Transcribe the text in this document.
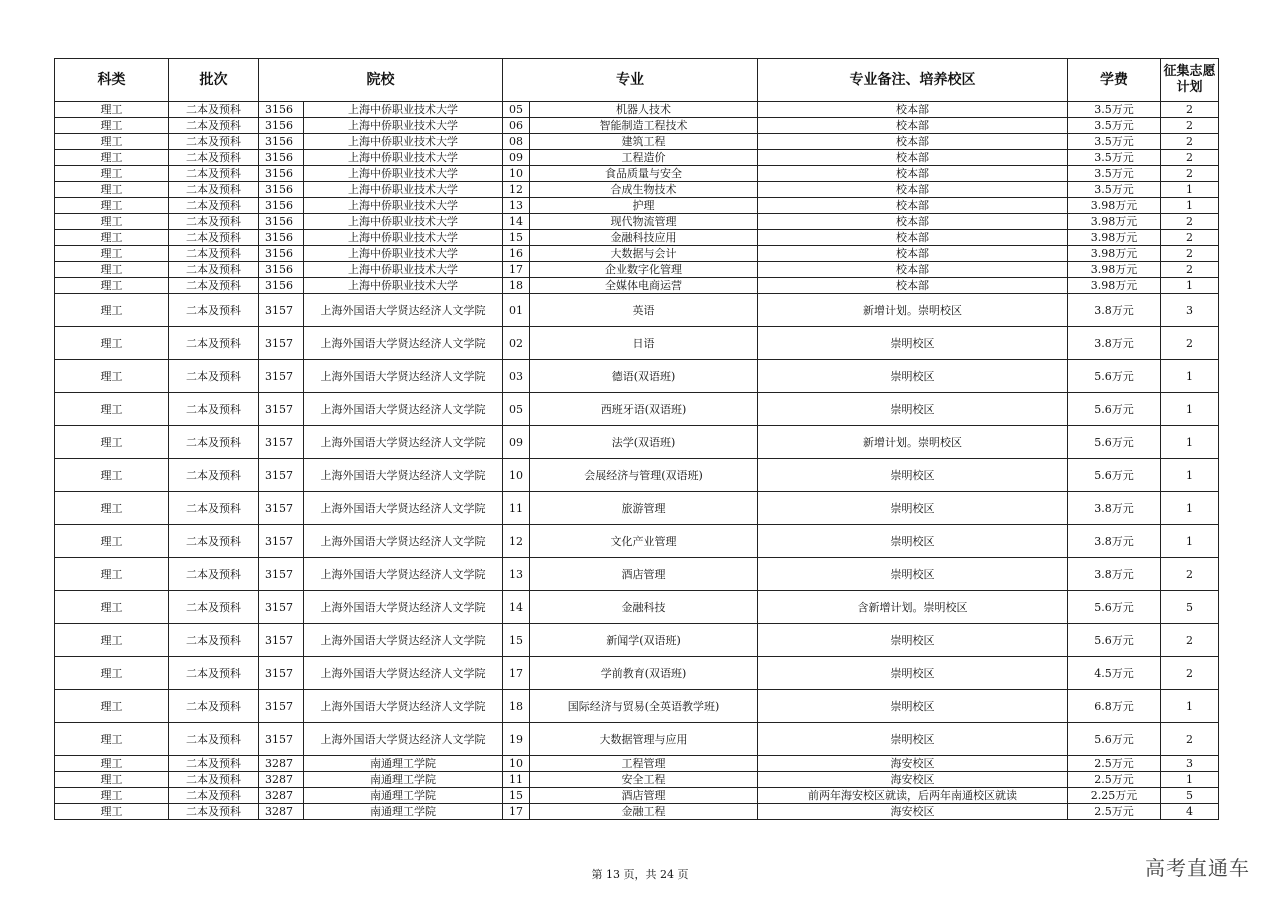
科类	批次	院校		专业		专业备注、培养校区	学费	征集志愿计划
理工	二本及预科	3156	上海中侨职业技术大学	05	机器人技术	校本部	3.5万元	2
理工	二本及预科	3156	上海中侨职业技术大学	06	智能制造工程技术	校本部	3.5万元	2
理工	二本及预科	3156	上海中侨职业技术大学	08	建筑工程	校本部	3.5万元	2
理工	二本及预科	3156	上海中侨职业技术大学	09	工程造价	校本部	3.5万元	2
理工	二本及预科	3156	上海中侨职业技术大学	10	食品质量与安全	校本部	3.5万元	2
理工	二本及预科	3156	上海中侨职业技术大学	12	合成生物技术	校本部	3.5万元	1
理工	二本及预科	3156	上海中侨职业技术大学	13	护理	校本部	3.98万元	1
理工	二本及预科	3156	上海中侨职业技术大学	14	现代物流管理	校本部	3.98万元	2
理工	二本及预科	3156	上海中侨职业技术大学	15	金融科技应用	校本部	3.98万元	2
理工	二本及预科	3156	上海中侨职业技术大学	16	大数据与会计	校本部	3.98万元	2
理工	二本及预科	3156	上海中侨职业技术大学	17	企业数字化管理	校本部	3.98万元	2
理工	二本及预科	3156	上海中侨职业技术大学	18	全媒体电商运营	校本部	3.98万元	1
理工	二本及预科	3157	上海外国语大学贤达经济人文学院	01	英语	新增计划。崇明校区	3.8万元	3
理工	二本及预科	3157	上海外国语大学贤达经济人文学院	02	日语	崇明校区	3.8万元	2
理工	二本及预科	3157	上海外国语大学贤达经济人文学院	03	德语(双语班)	崇明校区	5.6万元	1
理工	二本及预科	3157	上海外国语大学贤达经济人文学院	05	西班牙语(双语班)	崇明校区	5.6万元	1
理工	二本及预科	3157	上海外国语大学贤达经济人文学院	09	法学(双语班)	新增计划。崇明校区	5.6万元	1
理工	二本及预科	3157	上海外国语大学贤达经济人文学院	10	会展经济与管理(双语班)	崇明校区	5.6万元	1
理工	二本及预科	3157	上海外国语大学贤达经济人文学院	11	旅游管理	崇明校区	3.8万元	1
理工	二本及预科	3157	上海外国语大学贤达经济人文学院	12	文化产业管理	崇明校区	3.8万元	1
理工	二本及预科	3157	上海外国语大学贤达经济人文学院	13	酒店管理	崇明校区	3.8万元	2
理工	二本及预科	3157	上海外国语大学贤达经济人文学院	14	金融科技	含新增计划。崇明校区	5.6万元	5
理工	二本及预科	3157	上海外国语大学贤达经济人文学院	15	新闻学(双语班)	崇明校区	5.6万元	2
理工	二本及预科	3157	上海外国语大学贤达经济人文学院	17	学前教育(双语班)	崇明校区	4.5万元	2
理工	二本及预科	3157	上海外国语大学贤达经济人文学院	18	国际经济与贸易(全英语教学班)	崇明校区	6.8万元	1
理工	二本及预科	3157	上海外国语大学贤达经济人文学院	19	大数据管理与应用	崇明校区	5.6万元	2
理工	二本及预科	3287	南通理工学院	10	工程管理	海安校区	2.5万元	3
理工	二本及预科	3287	南通理工学院	11	安全工程	海安校区	2.5万元	1
理工	二本及预科	3287	南通理工学院	15	酒店管理	前两年海安校区就读，后两年南通校区就读	2.25万元	5
理工	二本及预科	3287	南通理工学院	17	金融工程	海安校区	2.5万元	4
第 13 页，共 24 页	高考直通车
